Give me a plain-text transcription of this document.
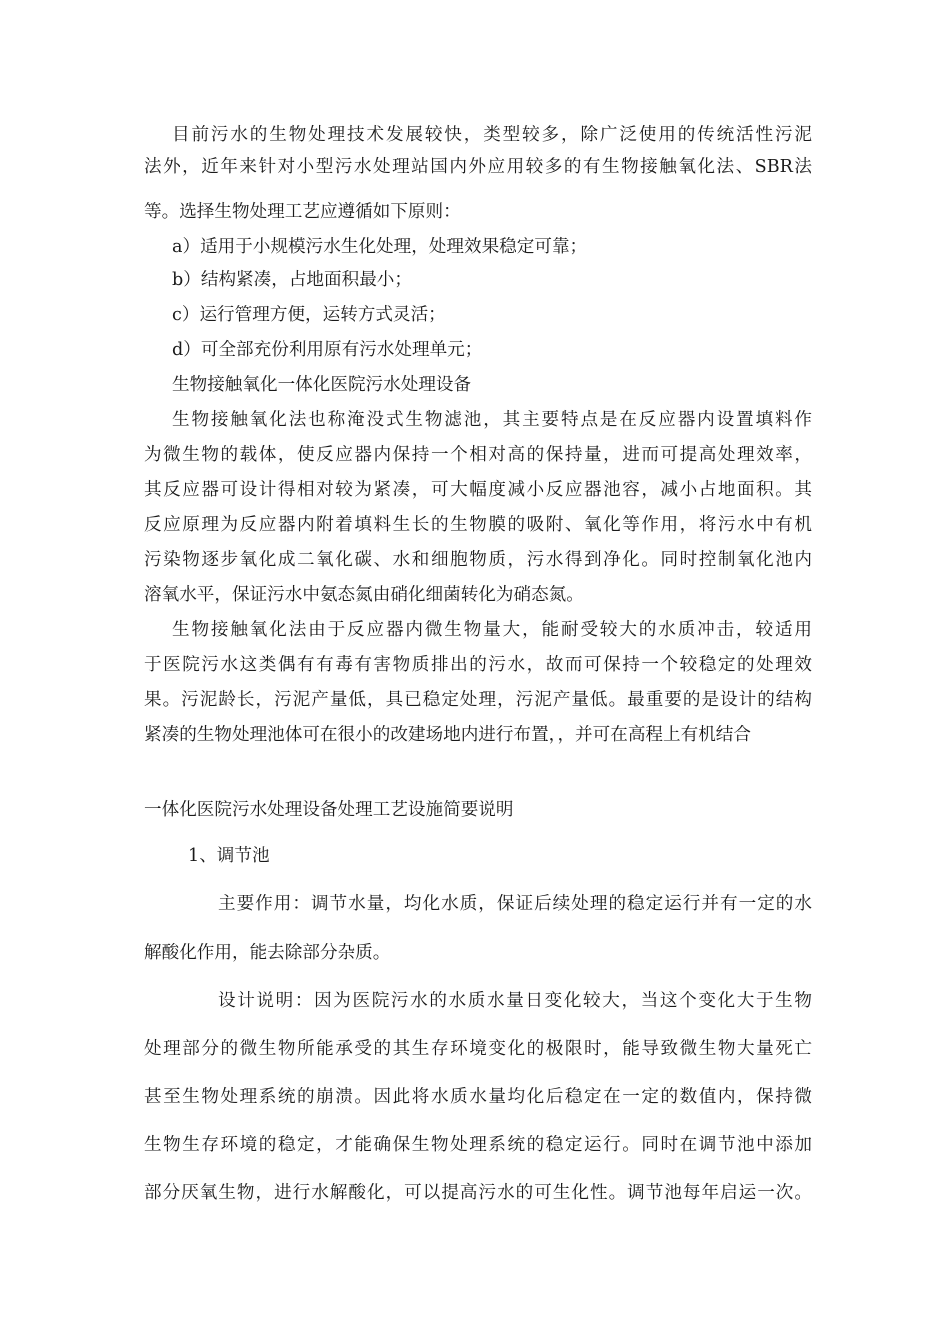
目前污水的生物处理技术发展较快，类型较多，除广泛使用的传统活性污泥
法外，近年来针对小型污水处理站国内外应用较多的有生物接触氧化法、SBR法
等。选择生物处理工艺应遵循如下原则：
a）适用于小规模污水生化处理，处理效果稳定可靠；
b）结构紧凑，占地面积最小；
c）运行管理方便，运转方式灵活；
d）可全部充份利用原有污水处理单元；
生物接触氧化一体化医院污水处理设备
生物接触氧化法也称淹没式生物滤池，其主要特点是在反应器内设置填料作
为微生物的载体，使反应器内保持一个相对高的保持量，进而可提高处理效率，
其反应器可设计得相对较为紧凑，可大幅度减小反应器池容，减小占地面积。其
反应原理为反应器内附着填料生长的生物膜的吸附、氧化等作用，将污水中有机
污染物逐步氧化成二氧化碳、水和细胞物质，污水得到净化。同时控制氧化池内
溶氧水平，保证污水中氨态氮由硝化细菌转化为硝态氮。
生物接触氧化法由于反应器内微生物量大，能耐受较大的水质冲击，较适用
于医院污水这类偶有有毒有害物质排出的污水，故而可保持一个较稳定的处理效
果。污泥龄长，污泥产量低，具已稳定处理，污泥产量低。最重要的是设计的结构
紧凑的生物处理池体可在很小的改建场地内进行布置，，并可在高程上有机结合
一体化医院污水处理设备处理工艺设施简要说明
1、调节池
主要作用：调节水量，均化水质，保证后续处理的稳定运行并有一定的水
解酸化作用，能去除部分杂质。
设计说明：因为医院污水的水质水量日变化较大，当这个变化大于生物
处理部分的微生物所能承受的其生存环境变化的极限时，能导致微生物大量死亡
甚至生物处理系统的崩溃。因此将水质水量均化后稳定在一定的数值内，保持微
生物生存环境的稳定，才能确保生物处理系统的稳定运行。同时在调节池中添加
部分厌氧生物，进行水解酸化，可以提高污水的可生化性。调节池每年启运一次。
